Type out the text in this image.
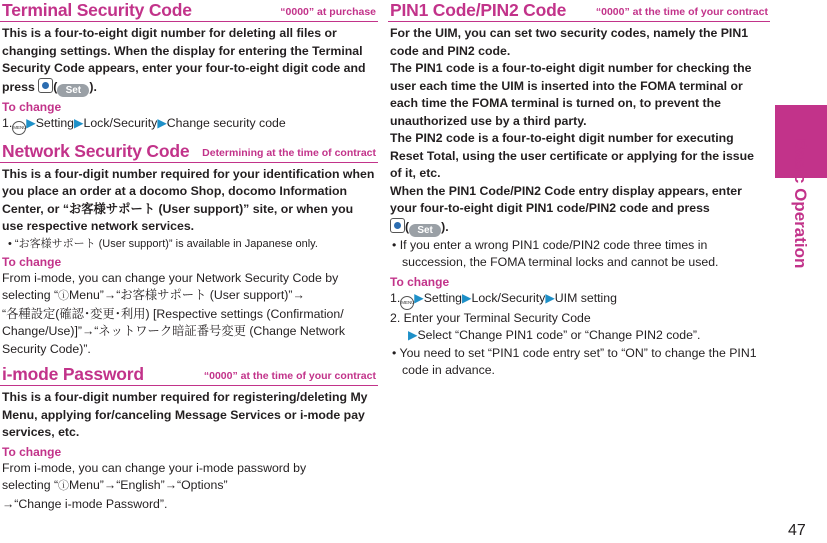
Terminal Security Code	“0000” at purchase

This is a four-to-eight digit number for deleting all files or changing settings. When the display for entering the Terminal Security Code appears, enter your four-to-eight digit code and press ( Set ).

To change

1.MENU▶Setting▶Lock/Security▶Change security code

Network Security Code Determining at the time of contract

This is a four-digit number required for your identification when you place an order at a docomo Shop, docomo Information Center, or “お客様サポート (User support)” site, or when you use respective network services.

• “お客様サポート (User support)” is available in Japanese only.

To change

From i-mode, you can change your Network Security Code by selecting “ⓘMenu”→“お客様サポート (User support)”→
“各種設定(確認･変更･利用) [Respective settings (Confirmation/ Change/Use)]”→“ネットワーク暗証番号変更 (Change Network Security Code)”.

i-mode Password	“0000” at the time of your contract

This is a four-digit number required for registering/deleting My Menu, applying for/canceling Message Services or i-mode pay services, etc.

To change

From i-mode, you can change your i-mode password by
selecting “ⓘMenu”→“English”→“Options”
→“Change i-mode Password”.

PIN1 Code/PIN2 Code	“0000” at the time of your contract

For the UIM, you can set two security codes, namely the PIN1 code and PIN2 code.

The PIN1 code is a four-to-eight digit number for checking the user each time the UIM is inserted into the FOMA terminal or each time the FOMA terminal is turned on, to prevent the unauthorized use by a third party.

The PIN2 code is a four-to-eight digit number for executing Reset Total, using the user certificate or applying for the issue of it, etc.

When the PIN1 Code/PIN2 Code entry display appears, enter your four-to-eight digit PIN1 code/PIN2 code and press
( Set ).

• If you enter a wrong PIN1 code/PIN2 code three times in succession, the FOMA terminal locks and cannot be used.

To change

1.MENU▶Setting▶Lock/Security▶UIM setting

2. Enter your Terminal Security Code

▶Select “Change PIN1 code” or “Change PIN2 code”.

• You need to set “PIN1 code entry set” to “ON” to change the PIN1 code in advance.

Basic Operation
47
